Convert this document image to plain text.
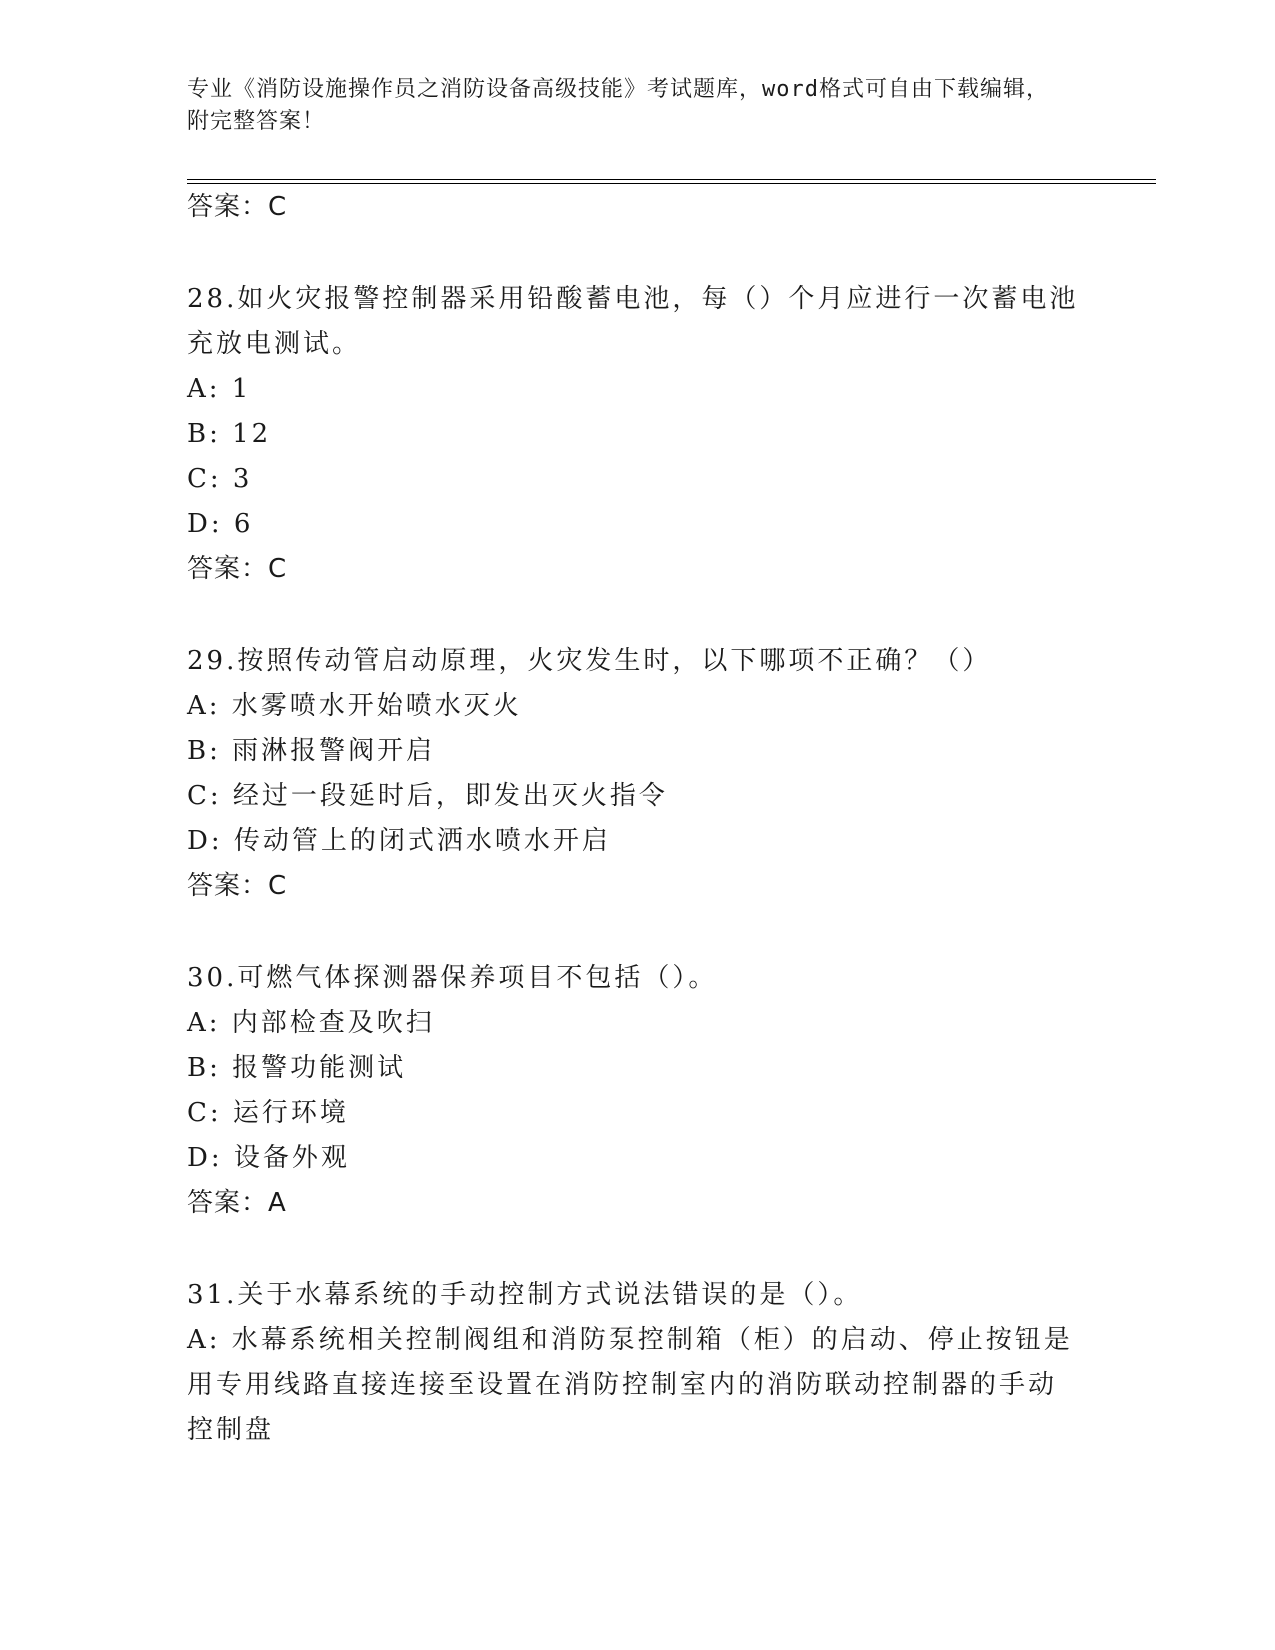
专业《消防设施操作员之消防设备高级技能》考试题库，word格式可自由下载编辑，附完整答案！
答案：C
28.如火灾报警控制器采用铅酸蓄电池，每（）个月应进行一次蓄电池
充放电测试。
A: 1
B: 12
C: 3
D: 6
答案：C
29.按照传动管启动原理，火灾发生时，以下哪项不正确？（）
A: 水雾喷水开始喷水灭火
B: 雨淋报警阀开启
C: 经过一段延时后，即发出灭火指令
D: 传动管上的闭式洒水喷水开启
答案：C
30.可燃气体探测器保养项目不包括（）。
A: 内部检查及吹扫
B: 报警功能测试
C: 运行环境
D: 设备外观
答案：A
31.关于水幕系统的手动控制方式说法错误的是（）。
A: 水幕系统相关控制阀组和消防泵控制箱（柜）的启动、停止按钮是
用专用线路直接连接至设置在消防控制室内的消防联动控制器的手动
控制盘
